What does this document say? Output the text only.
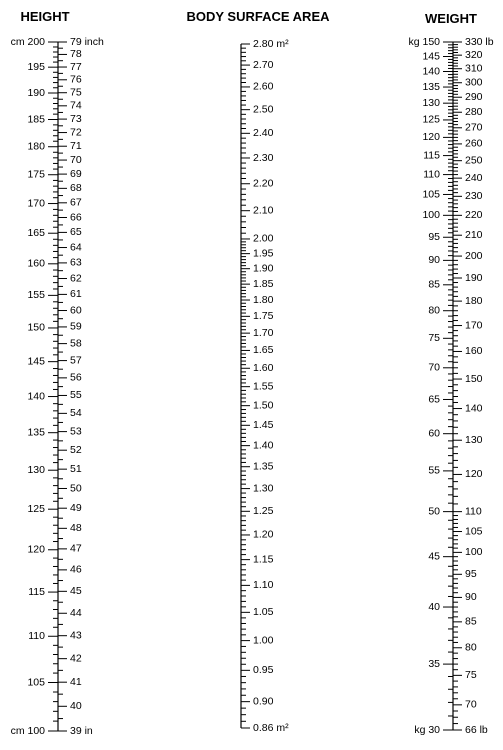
HEIGHT	BODY SURFACE AREA	WEIGHT
105
110
115
120
125
130
135
140
145
150
155
160
165
170
175
180
185
190
195
cm 200
cm 100
40
41
42
43
44
45
46
47
48
49
50
51
52
53
54
55
56
57
58
59
60
61
62
63
64
65
66
67
68
69
70
71
72
73
74
75
76
77
78
79 inch
39 in
0.90
0.95
1.00
1.05
1.10
1.15
1.20
1.25
1.30
1.35
1.40
1.45
1.50
1.55
1.60
1.65
1.70
1.75
1.80
1.85
1.90
1.95
2.00
2.10
2.20
2.30
2.40
2.50
2.60
2.70
2.80 m²
0.86 m²
35
40
45
50
55
60
65
70
75
80
85
90
95
100
105
110
115
120
125
130
135
140
145
kg 150
kg 30
70
75
80
85
90
95
100
105
110
120
130
140
150
160
170
180
190
200
210
220
230
240
250
260
270
280
290
300
310
320
330 lb
66 lb
